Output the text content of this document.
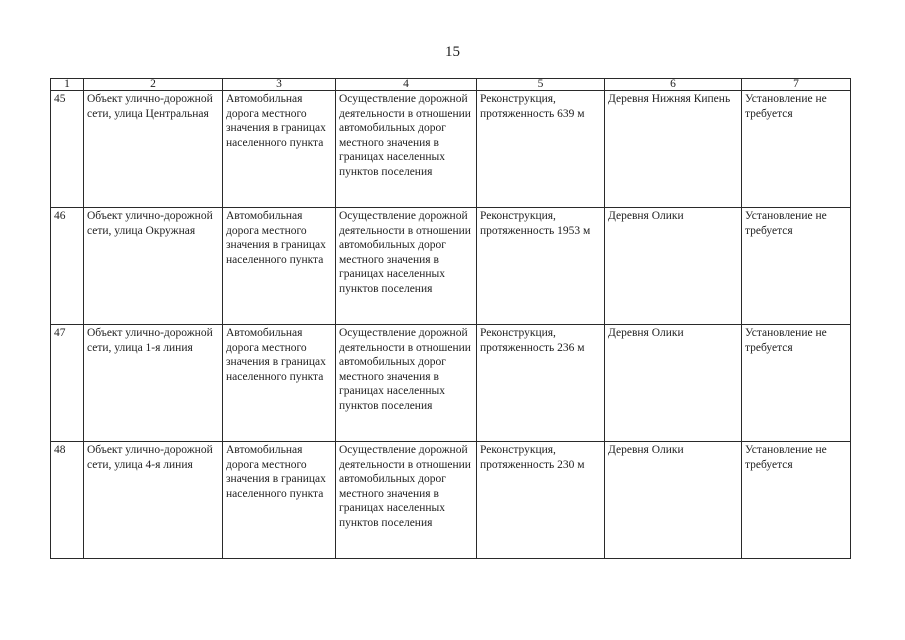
15
1	2	3	4	5	6	7
45	Объект улично-дорожной сети, улица Центральная	Автомобильная дорога местного значения в границах населенного пункта	Осуществление дорожной деятельности в отношении автомобильных дорог местного значения в границах населенных пунктов поселения	Реконструкция, протяженность 639 м	Деревня Нижняя Кипень	Установление не требуется
46	Объект улично-дорожной сети, улица Окружная	Автомобильная дорога местного значения в границах населенного пункта	Осуществление дорожной деятельности в отношении автомобильных дорог местного значения в границах населенных пунктов поселения	Реконструкция, протяженность 1953 м	Деревня Олики	Установление не требуется
47	Объект улично-дорожной сети, улица 1-я линия	Автомобильная дорога местного значения в границах населенного пункта	Осуществление дорожной деятельности в отношении автомобильных дорог местного значения в границах населенных пунктов поселения	Реконструкция, протяженность 236 м	Деревня Олики	Установление не требуется
48	Объект улично-дорожной сети, улица 4-я линия	Автомобильная дорога местного значения в границах населенного пункта	Осуществление дорожной деятельности в отношении автомобильных дорог местного значения в границах населенных пунктов поселения	Реконструкция, протяженность 230 м	Деревня Олики	Установление не требуется
